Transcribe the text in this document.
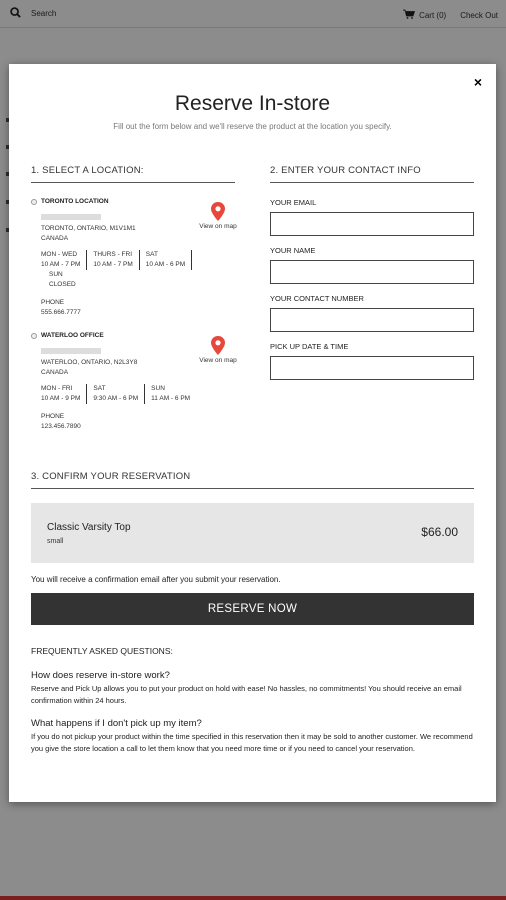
Search	Cart (0) Check Out
×
Reserve In-store
Fill out the form below and we'll reserve the product at the location you specify.
1. SELECT A LOCATION:	2. ENTER YOUR CONTACT INFO
TORONTO LOCATION
TORONTO, ONTARIO, M1V1M1
CANADA
View on map
MON - WED
10 AM - 7 PM
THURS - FRI
10 AM - 7 PM
SAT
10 AM - 6 PM
SUN
CLOSED
PHONE
555.666.7777
WATERLOO OFFICE
WATERLOO, ONTARIO, N2L3Y8
CANADA
View on map
MON - FRI
10 AM - 9 PM
SAT
9:30 AM - 6 PM
SUN
11 AM - 6 PM
PHONE
123.456.7890
YOUR EMAIL
YOUR NAME
YOUR CONTACT NUMBER
PICK UP DATE & TIME
3. CONFIRM YOUR RESERVATION
Classic Varsity Top
small
$66.00
You will receive a confirmation email after you submit your reservation.
RESERVE NOW
FREQUENTLY ASKED QUESTIONS:
How does reserve in-store work?
Reserve and Pick Up allows you to put your product on hold with ease! No hassles, no commitments! You should receive an email confirmation within 24 hours.
What happens if I don't pick up my item?
If you do not pickup your product within the time specified in this reservation then it may be sold to another customer. We recommend you give the store location a call to let them know that you need more time or if you need to cancel your reservation.
